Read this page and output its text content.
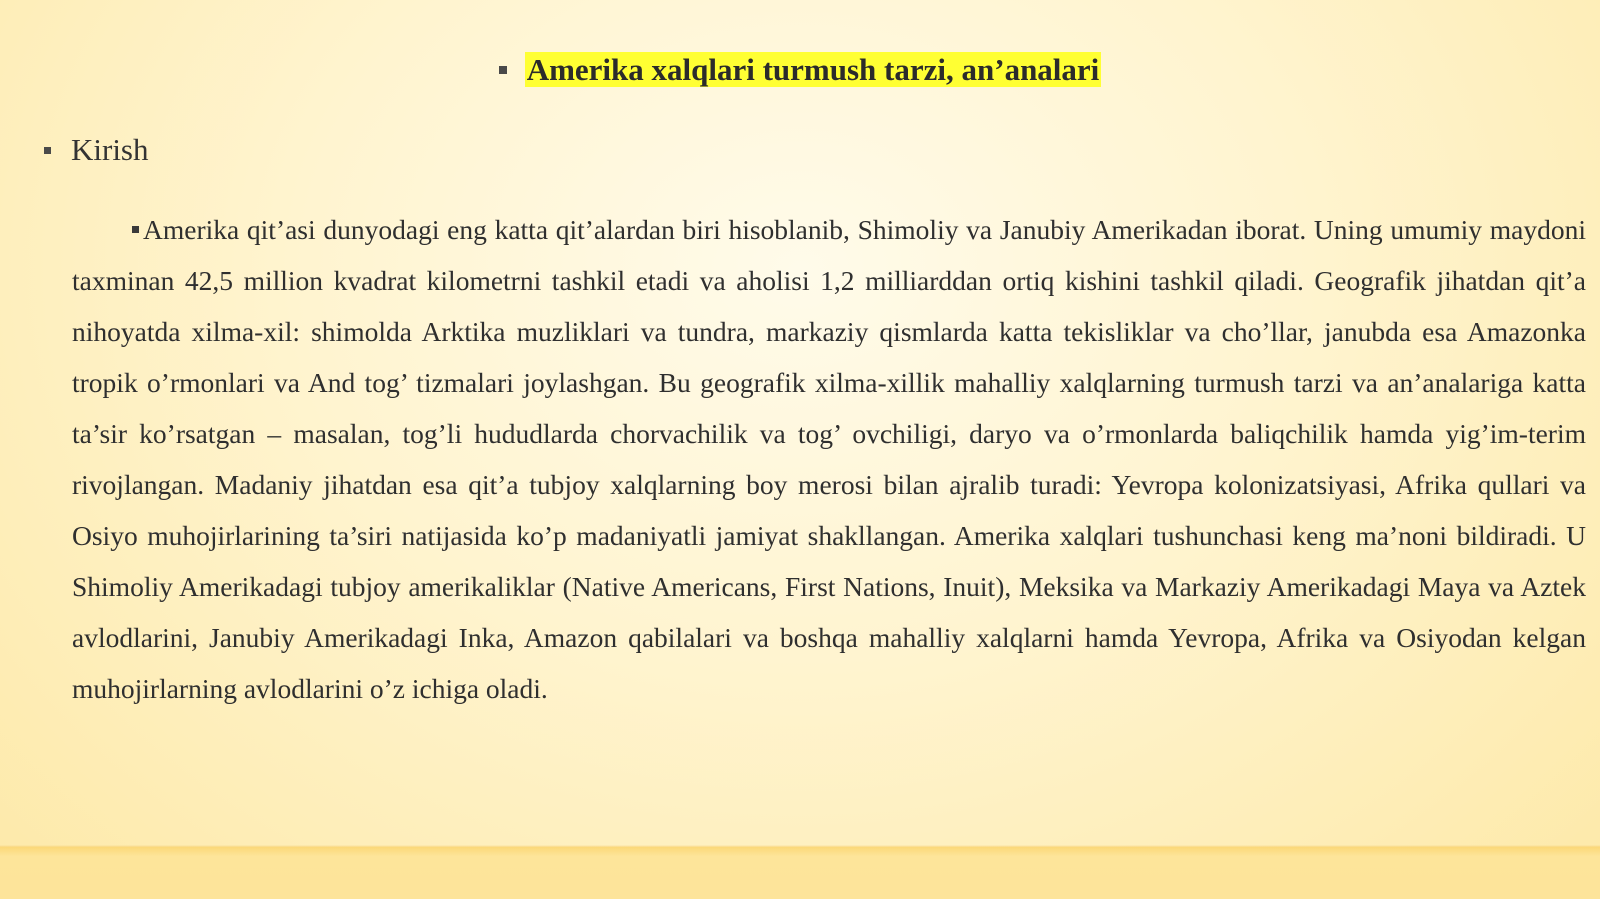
Amerika xalqlari turmush tarzi, an’analari
Kirish

Amerika qit’asi dunyodagi eng katta qit’alardan biri hisoblanib, Shimoliy va Janubiy Amerikadan iborat. Uning umumiy maydoni taxminan 42,5 million kvadrat kilometrni tashkil etadi va aholisi 1,2 milliarddan ortiq kishini tashkil qiladi. Geografik jihatdan qit’a nihoyatda xilma-xil: shimolda Arktika muzliklari va tundra, markaziy qismlarda katta tekisliklar va cho’llar, janubda esa Amazonka tropik o’rmonlari va And tog’ tizmalari joylashgan. Bu geografik xilma-xillik mahalliy xalqlarning turmush tarzi va an’analariga katta ta’sir ko’rsatgan – masalan, tog’li hududlarda chorvachilik va tog’ ovchiligi, daryo va o’rmonlarda baliqchilik hamda yig’im-terim rivojlangan. Madaniy jihatdan esa qit’a tubjoy xalqlarning boy merosi bilan ajralib turadi: Yevropa kolonizatsiyasi, Afrika qullari va Osiyo muhojirlarining ta’siri natijasida ko’p madaniyatli jamiyat shakllangan. Amerika xalqlari tushunchasi keng ma’noni bildiradi. U Shimoliy Amerikadagi tubjoy amerikaliklar (Native Americans, First Nations, Inuit), Meksika va Markaziy Amerikadagi Maya va Aztek avlodlarini, Janubiy Amerikadagi Inka, Amazon qabilalari va boshqa mahalliy xalqlarni hamda Yevropa, Afrika va Osiyodan kelgan muhojirlarning avlodlarini o’z ichiga oladi.
